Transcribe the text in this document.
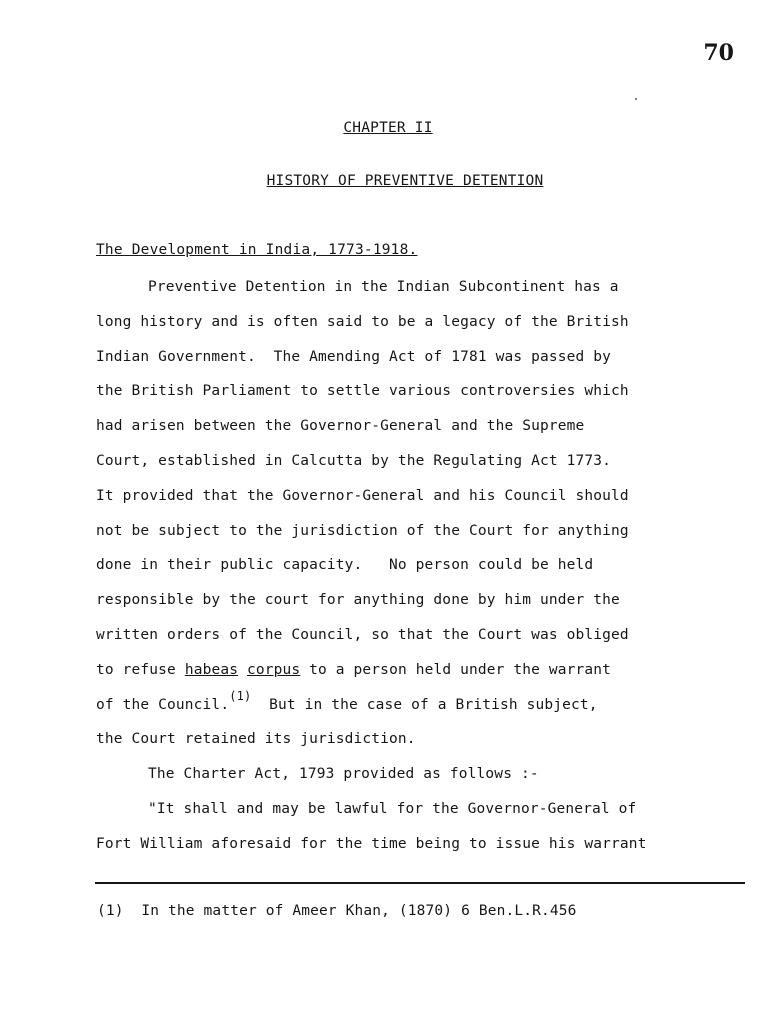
70
CHAPTER II
HISTORY OF PREVENTIVE DETENTION
The Development in India, 1773-1918.
Preventive Detention in the Indian Subcontinent has a
long history and is often said to be a legacy of the British
Indian Government.  The Amending Act of 1781 was passed by
the British Parliament to settle various controversies which
had arisen between the Governor-General and the Supreme
Court, established in Calcutta by the Regulating Act 1773.
It provided that the Governor-General and his Council should
not be subject to the jurisdiction of the Court for anything
done in their public capacity.   No person could be held
responsible by the court for anything done by him under the
written orders of the Council, so that the Court was obliged
to refuse habeas corpus to a person held under the warrant
of the Council.$^{(1)}$  But in the case of a British subject,
the Court retained its jurisdiction.
The Charter Act, 1793 provided as follows :-
"It shall and may be lawful for the Governor-General of
Fort William aforesaid for the time being to issue his warrant
(1)  In the matter of Ameer Khan, (1870) 6 Ben.L.R.456
